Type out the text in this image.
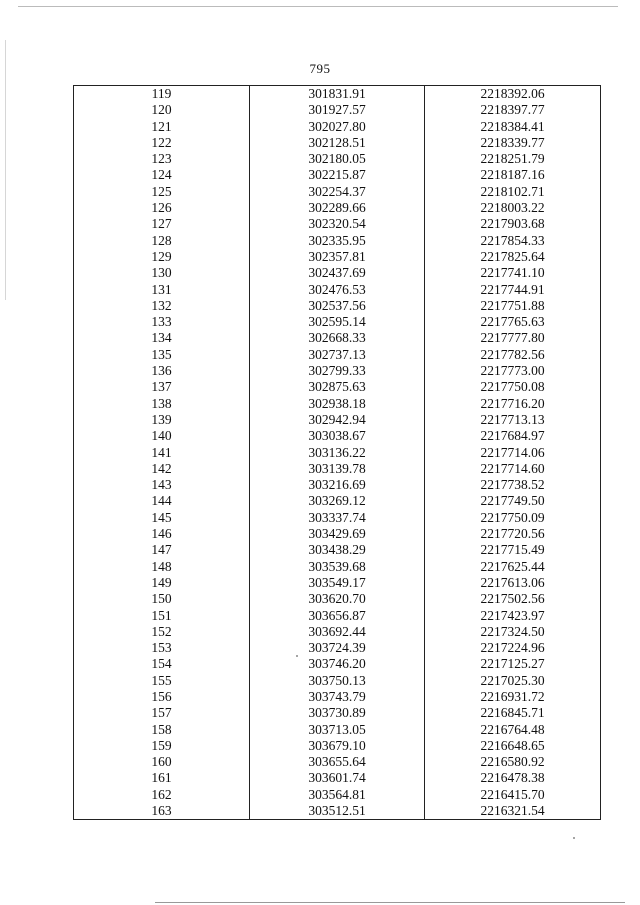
795
119	301831.91	2218392.06
120	301927.57	2218397.77
121	302027.80	2218384.41
122	302128.51	2218339.77
123	302180.05	2218251.79
124	302215.87	2218187.16
125	302254.37	2218102.71
126	302289.66	2218003.22
127	302320.54	2217903.68
128	302335.95	2217854.33
129	302357.81	2217825.64
130	302437.69	2217741.10
131	302476.53	2217744.91
132	302537.56	2217751.88
133	302595.14	2217765.63
134	302668.33	2217777.80
135	302737.13	2217782.56
136	302799.33	2217773.00
137	302875.63	2217750.08
138	302938.18	2217716.20
139	302942.94	2217713.13
140	303038.67	2217684.97
141	303136.22	2217714.06
142	303139.78	2217714.60
143	303216.69	2217738.52
144	303269.12	2217749.50
145	303337.74	2217750.09
146	303429.69	2217720.56
147	303438.29	2217715.49
148	303539.68	2217625.44
149	303549.17	2217613.06
150	303620.70	2217502.56
151	303656.87	2217423.97
152	303692.44	2217324.50
153	303724.39	2217224.96
154	303746.20	2217125.27
155	303750.13	2217025.30
156	303743.79	2216931.72
157	303730.89	2216845.71
158	303713.05	2216764.48
159	303679.10	2216648.65
160	303655.64	2216580.92
161	303601.74	2216478.38
162	303564.81	2216415.70
163	303512.51	2216321.54
